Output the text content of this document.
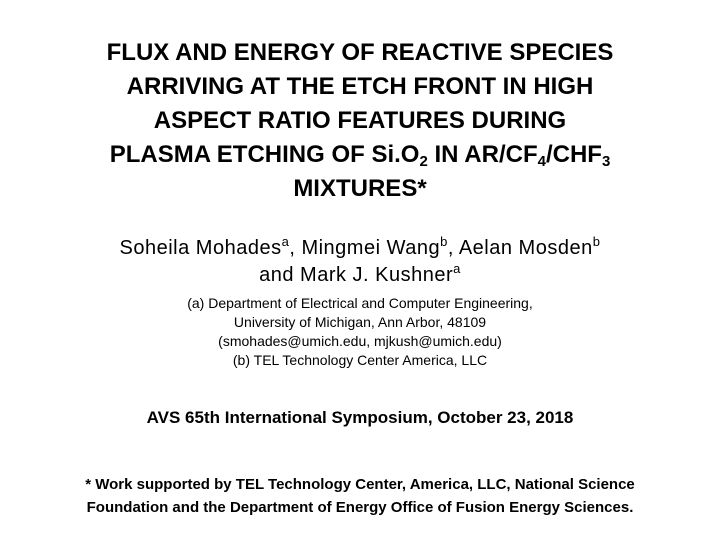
FLUX AND ENERGY OF REACTIVE SPECIES
ARRIVING AT THE ETCH FRONT IN HIGH
ASPECT RATIO FEATURES DURING
PLASMA ETCHING OF $Si.O_2$ IN $AR/CF_4/CHF_3$
MIXTURES*
Soheila Mohades$^a$, Mingmei Wang$^b$, Aelan Mosden$^b$
and Mark J. Kushner$^a$
(a) Department of Electrical and Computer Engineering,
University of Michigan, Ann Arbor, 48109
(smohades@umich.edu, mjkush@umich.edu)
(b) TEL Technology Center America, LLC
AVS 65th International Symposium, October 23, 2018
* Work supported by TEL Technology Center, America, LLC, National Science
Foundation and the Department of Energy Office of Fusion Energy Sciences.
